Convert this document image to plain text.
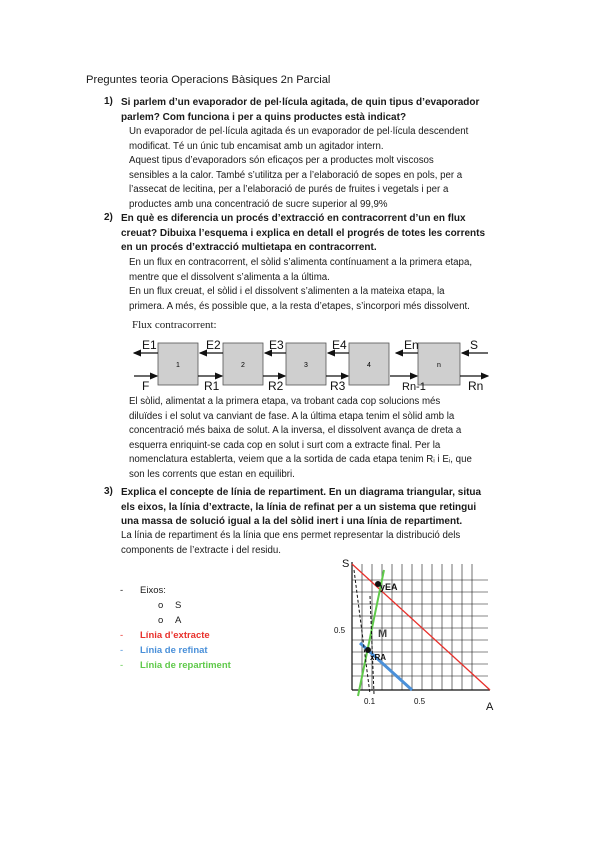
Preguntes teoria Operacions Bàsiques 2n Parcial
1) Si parlem d’un evaporador de pel·lícula agitada, de quin tipus d’evaporador
parlem? Com funciona i per a quins productes està indicat?
Un evaporador de pel·lícula agitada és un evaporador de pel·lícula descendent
modificat. Té un únic tub encamisat amb un agitador intern.
Aquest tipus d’evaporadors són eficaços per a productes molt viscosos
sensibles a la calor. També s’utilitza per a l’elaboració de sopes en pols, per a
l’assecat de lecitina, per a l’elaboració de purés de fruites i vegetals i per a
productes amb una concentració de sucre superior al 99,9%
2) En què es diferencia un procés d’extracció en contracorrent d’un en flux
creuat? Dibuixa l’esquema i explica en detall el progrés de totes les corrents
en un procés d’extracció multietapa en contracorrent.
En un flux en contracorrent, el sòlid s’alimenta contínuament a la primera etapa,
mentre que el dissolvent s’alimenta a la última.
En un flux creuat, el sòlid i el dissolvent s’alimenten a la mateixa etapa, la
primera. A més, és possible que, a la resta d’etapes, s’incorpori més dissolvent.
Flux contracorrent:
1	2	3	4	n
E1	E2	E3	E4	En	S
F	R1	R2	R3	Rn-1	Rn
El sòlid, alimentat a la primera etapa, va trobant cada cop solucions més
diluïdes i el solut va canviant de fase. A la última etapa tenim el sòlid amb la
concentració més baixa de solut. A la inversa, el dissolvent avança de dreta a
esquerra enriquint-se cada cop en solut i surt com a extracte final. Per la
nomenclatura establerta, veiem que a la sortida de cada etapa tenim Rᵢ i Eᵢ, que
son les corrents que estan en equilibri.
3) Explica el concepte de línia de repartiment. En un diagrama triangular, situa
els eixos, la línia d’extracte, la línia de refinat per a un sistema que retingui
una massa de solució igual a la del sòlid inert i una línia de repartiment.
La línia de repartiment és la línia que ens permet representar la distribució dels
components de l’extracte i del residu.
- Eixos:
o S
o A
- Línia d’extracte
- Línia de refinat
- Línia de repartiment
S
A
0.5
0.1	0.5
yEA
M
xRA
